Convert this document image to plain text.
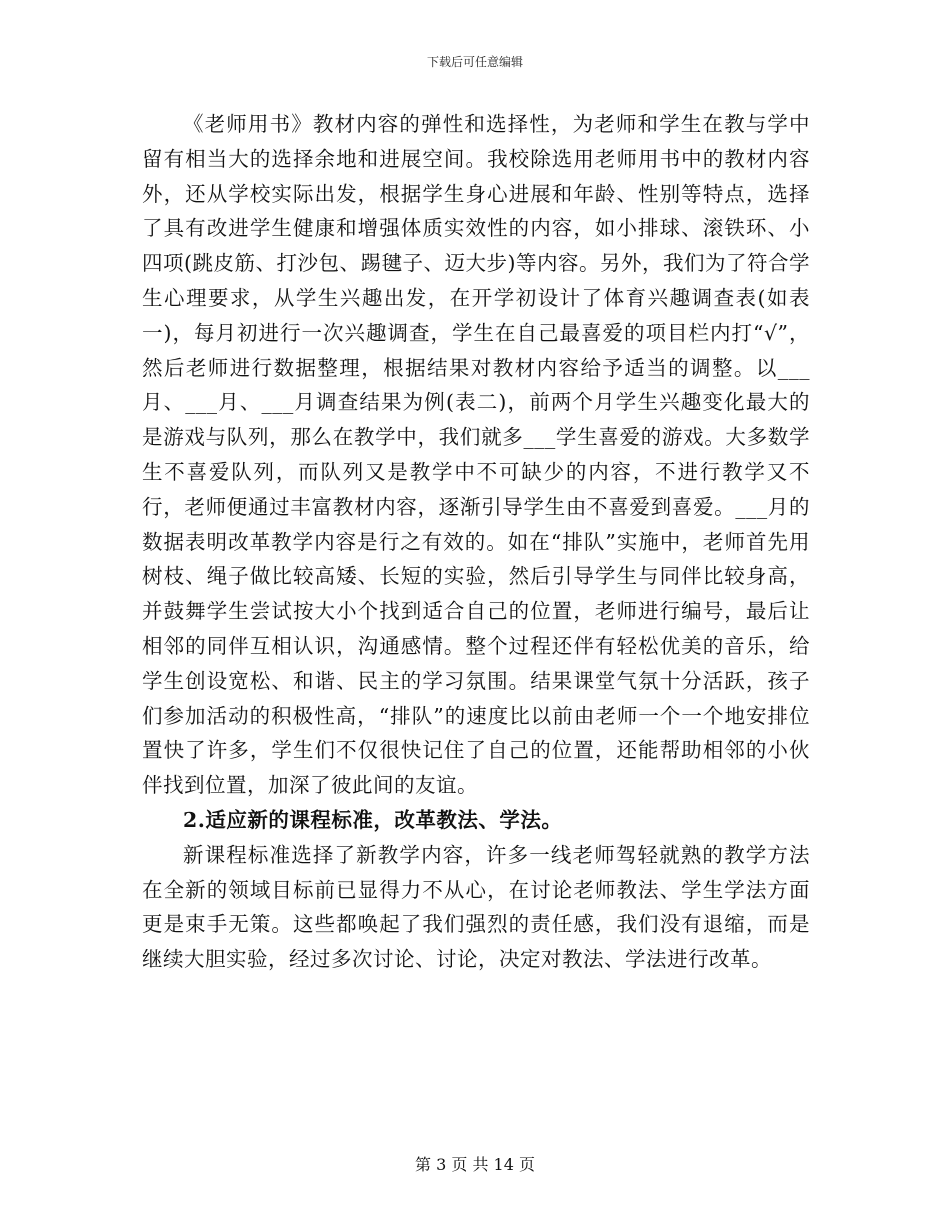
下载后可任意编辑

《老师用书》教材内容的弹性和选择性，为老师和学生在教与学中留有相当大的选择余地和进展空间。我校除选用老师用书中的教材内容外，还从学校实际出发，根据学生身心进展和年龄、性别等特点，选择了具有改进学生健康和增强体质实效性的内容，如小排球、滚铁环、小四项(跳皮筋、打沙包、踢毽子、迈大步)等内容。另外，我们为了符合学生心理要求，从学生兴趣出发，在开学初设计了体育兴趣调查表(如表一)，每月初进行一次兴趣调查，学生在自己最喜爱的项目栏内打“√”，然后老师进行数据整理，根据结果对教材内容给予适当的调整。以___月、___月、___月调查结果为例(表二)，前两个月学生兴趣变化最大的是游戏与队列，那么在教学中，我们就多___学生喜爱的游戏。大多数学生不喜爱队列，而队列又是教学中不可缺少的内容，不进行教学又不行，老师便通过丰富教材内容，逐渐引导学生由不喜爱到喜爱。___月的数据表明改革教学内容是行之有效的。如在“排队”实施中，老师首先用树枝、绳子做比较高矮、长短的实验，然后引导学生与同伴比较身高，并鼓舞学生尝试按大小个找到适合自己的位置，老师进行编号，最后让相邻的同伴互相认识，沟通感情。整个过程还伴有轻松优美的音乐，给学生创设宽松、和谐、民主的学习氛围。结果课堂气氛十分活跃，孩子们参加活动的积极性高，“排队”的速度比以前由老师一个一个地安排位置快了许多，学生们不仅很快记住了自己的位置，还能帮助相邻的小伙伴找到位置，加深了彼此间的友谊。

2.适应新的课程标准，改革教法、学法。

新课程标准选择了新教学内容，许多一线老师驾轻就熟的教学方法在全新的领域目标前已显得力不从心，在讨论老师教法、学生学法方面更是束手无策。这些都唤起了我们强烈的责任感，我们没有退缩，而是继续大胆实验，经过多次讨论、讨论，决定对教法、学法进行改革。

第 3 页 共 14 页
